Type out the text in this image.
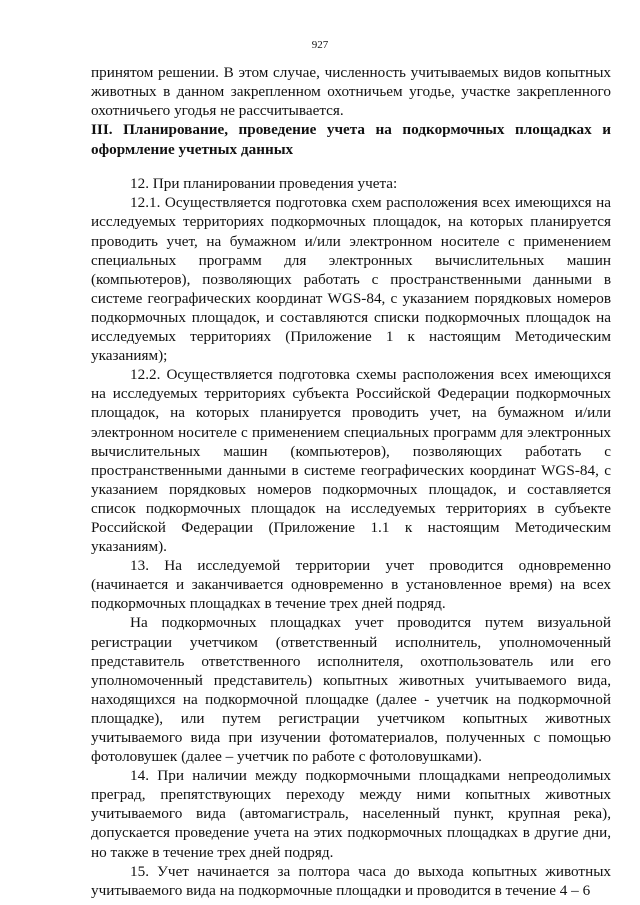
927

принятом решении. В этом случае, численность учитываемых видов копытных животных в данном закрепленном охотничьем угодье, участке закрепленного охотничьего угодья не рассчитывается.

III. Планирование, проведение учета на подкормочных площадках и оформление учетных данных

12. При планировании проведения учета:

12.1. Осуществляется подготовка схем расположения всех имеющихся на исследуемых территориях подкормочных площадок, на которых планируется проводить учет, на бумажном и/или электронном носителе с применением специальных программ для электронных вычислительных машин (компьютеров), позволяющих работать с пространственными данными в системе географических координат WGS-84, с указанием порядковых номеров подкормочных площадок, и составляются списки подкормочных площадок на исследуемых территориях (Приложение 1 к настоящим Методическим указаниям);

12.2. Осуществляется подготовка схемы расположения всех имеющихся на исследуемых территориях субъекта Российской Федерации подкормочных площадок, на которых планируется проводить учет, на бумажном и/или электронном носителе с применением специальных программ для электронных вычислительных машин (компьютеров), позволяющих работать с пространственными данными в системе географических координат WGS-84, с указанием порядковых номеров подкормочных площадок, и составляется список подкормочных площадок на исследуемых территориях в субъекте Российской Федерации (Приложение 1.1 к настоящим Методическим указаниям).

13. На исследуемой территории учет проводится одновременно (начинается и заканчивается одновременно в установленное время) на всех подкормочных площадках в течение трех дней подряд.

На подкормочных площадках учет проводится путем визуальной регистрации учетчиком (ответственный исполнитель, уполномоченный представитель ответственного исполнителя, охотпользователь или его уполномоченный представитель) копытных животных учитываемого вида, находящихся на подкормочной площадке (далее - учетчик на подкормочной площадке), или путем регистрации учетчиком копытных животных учитываемого вида при изучении фотоматериалов, полученных с помощью фотоловушек (далее – учетчик по работе с фотоловушками).

14. При наличии между подкормочными площадками непреодолимых преград, препятствующих переходу между ними копытных животных учитываемого вида (автомагистраль, населенный пункт, крупная река), допускается проведение учета на этих подкормочных площадках в другие дни, но также в течение трех дней подряд.

15. Учет начинается за полтора часа до выхода копытных животных учитываемого вида на подкормочные площадки и проводится в течение 4 – 6
